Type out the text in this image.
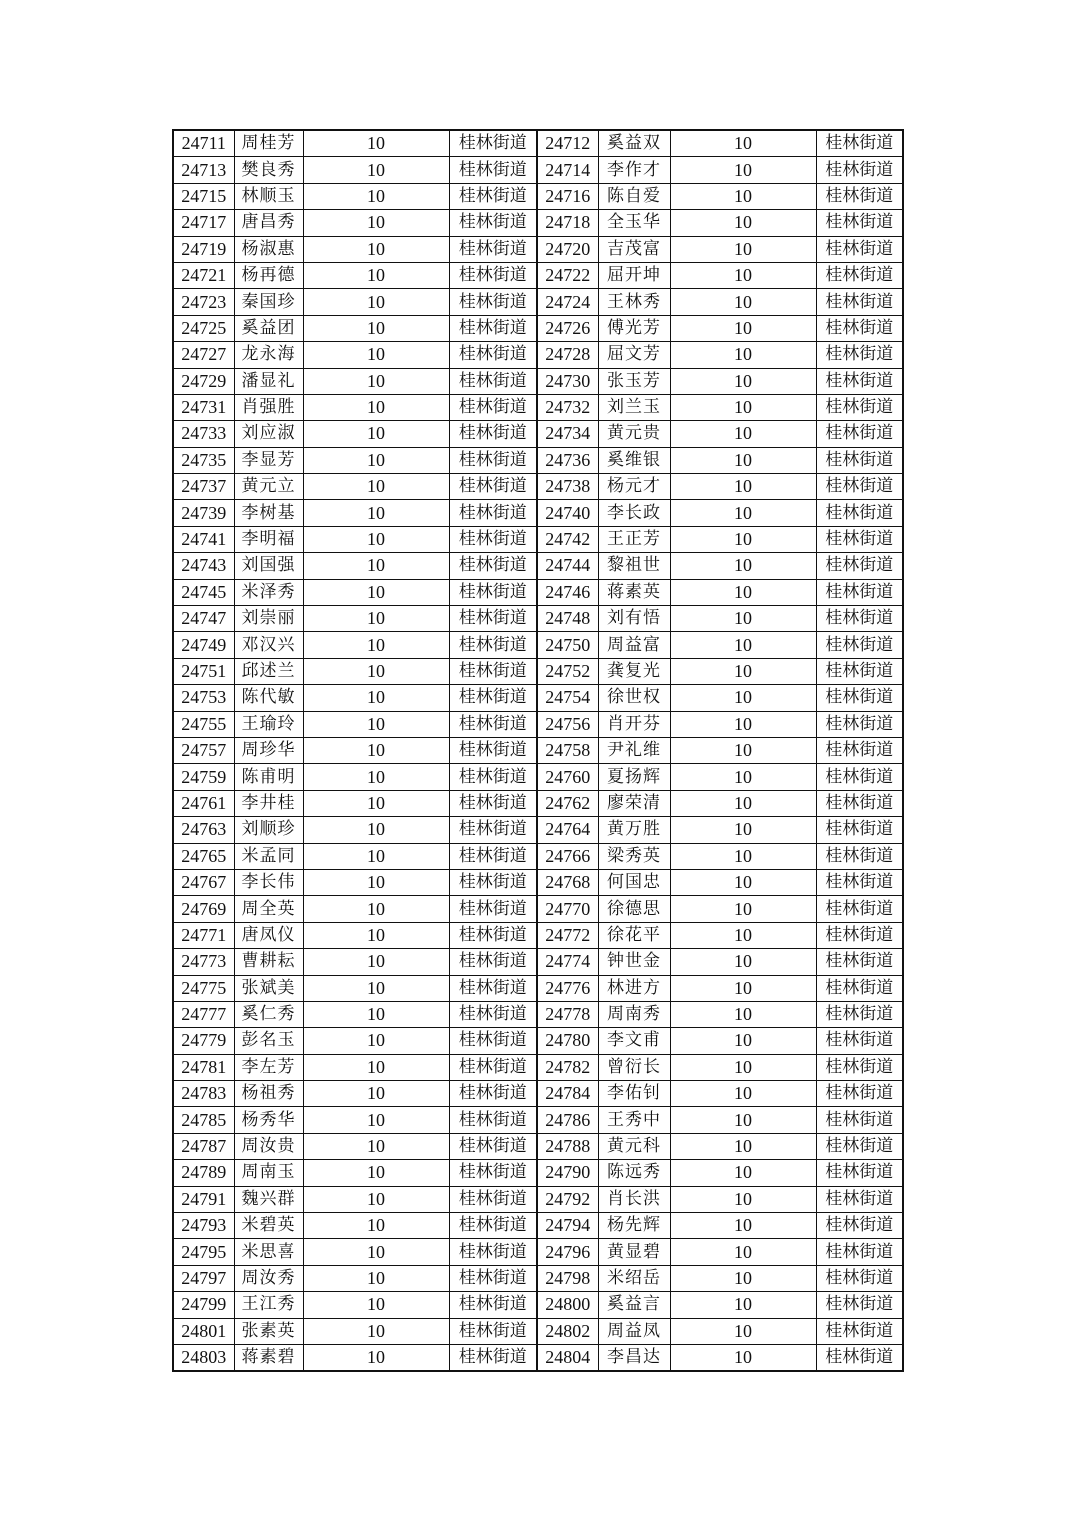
24711	周桂芳	10	桂林街道	24712	奚益双	10	桂林街道
24713	樊良秀	10	桂林街道	24714	李作才	10	桂林街道
24715	林顺玉	10	桂林街道	24716	陈自爱	10	桂林街道
24717	唐昌秀	10	桂林街道	24718	全玉华	10	桂林街道
24719	杨淑惠	10	桂林街道	24720	吉茂富	10	桂林街道
24721	杨再德	10	桂林街道	24722	屈开坤	10	桂林街道
24723	秦国珍	10	桂林街道	24724	王林秀	10	桂林街道
24725	奚益团	10	桂林街道	24726	傅光芳	10	桂林街道
24727	龙永海	10	桂林街道	24728	屈文芳	10	桂林街道
24729	潘显礼	10	桂林街道	24730	张玉芳	10	桂林街道
24731	肖强胜	10	桂林街道	24732	刘兰玉	10	桂林街道
24733	刘应淑	10	桂林街道	24734	黄元贵	10	桂林街道
24735	李显芳	10	桂林街道	24736	奚维银	10	桂林街道
24737	黄元立	10	桂林街道	24738	杨元才	10	桂林街道
24739	李树基	10	桂林街道	24740	李长政	10	桂林街道
24741	李明福	10	桂林街道	24742	王正芳	10	桂林街道
24743	刘国强	10	桂林街道	24744	黎祖世	10	桂林街道
24745	米泽秀	10	桂林街道	24746	蒋素英	10	桂林街道
24747	刘崇丽	10	桂林街道	24748	刘有悟	10	桂林街道
24749	邓汉兴	10	桂林街道	24750	周益富	10	桂林街道
24751	邱述兰	10	桂林街道	24752	龚复光	10	桂林街道
24753	陈代敏	10	桂林街道	24754	徐世权	10	桂林街道
24755	王瑜玲	10	桂林街道	24756	肖开芬	10	桂林街道
24757	周珍华	10	桂林街道	24758	尹礼维	10	桂林街道
24759	陈甫明	10	桂林街道	24760	夏扬辉	10	桂林街道
24761	李井桂	10	桂林街道	24762	廖荣清	10	桂林街道
24763	刘顺珍	10	桂林街道	24764	黄万胜	10	桂林街道
24765	米孟同	10	桂林街道	24766	梁秀英	10	桂林街道
24767	李长伟	10	桂林街道	24768	何国忠	10	桂林街道
24769	周全英	10	桂林街道	24770	徐德思	10	桂林街道
24771	唐凤仪	10	桂林街道	24772	徐花平	10	桂林街道
24773	曹耕耘	10	桂林街道	24774	钟世金	10	桂林街道
24775	张斌美	10	桂林街道	24776	林进方	10	桂林街道
24777	奚仁秀	10	桂林街道	24778	周南秀	10	桂林街道
24779	彭名玉	10	桂林街道	24780	李文甫	10	桂林街道
24781	李左芳	10	桂林街道	24782	曾衍长	10	桂林街道
24783	杨祖秀	10	桂林街道	24784	李佑钊	10	桂林街道
24785	杨秀华	10	桂林街道	24786	王秀中	10	桂林街道
24787	周汝贵	10	桂林街道	24788	黄元科	10	桂林街道
24789	周南玉	10	桂林街道	24790	陈远秀	10	桂林街道
24791	魏兴群	10	桂林街道	24792	肖长洪	10	桂林街道
24793	米碧英	10	桂林街道	24794	杨先辉	10	桂林街道
24795	米思喜	10	桂林街道	24796	黄显碧	10	桂林街道
24797	周汝秀	10	桂林街道	24798	米绍岳	10	桂林街道
24799	王江秀	10	桂林街道	24800	奚益言	10	桂林街道
24801	张素英	10	桂林街道	24802	周益凤	10	桂林街道
24803	蒋素碧	10	桂林街道	24804	李昌达	10	桂林街道
